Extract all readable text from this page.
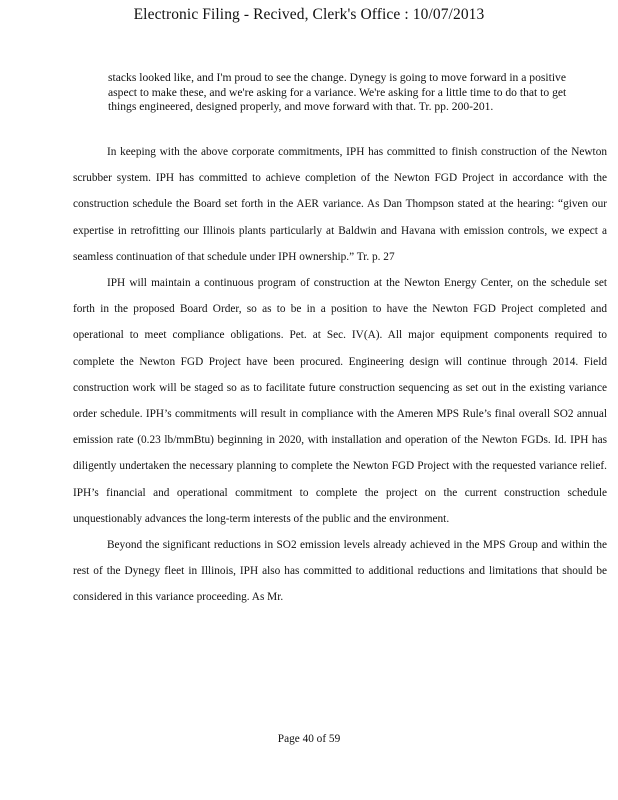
Electronic Filing - Recived, Clerk's Office : 10/07/2013

stacks looked like, and I'm proud to see the change. Dynegy is going to move forward in a positive aspect to make these, and we're asking for a variance. We're asking for a little time to do that to get things engineered, designed properly, and move forward with that. Tr. pp. 200-201.

In keeping with the above corporate commitments, IPH has committed to finish construction of the Newton scrubber system. IPH has committed to achieve completion of the Newton FGD Project in accordance with the construction schedule the Board set forth in the AER variance. As Dan Thompson stated at the hearing: “given our expertise in retrofitting our Illinois plants particularly at Baldwin and Havana with emission controls, we expect a seamless continuation of that schedule under IPH ownership.” Tr. p. 27

IPH will maintain a continuous program of construction at the Newton Energy Center, on the schedule set forth in the proposed Board Order, so as to be in a position to have the Newton FGD Project completed and operational to meet compliance obligations. Pet. at Sec. IV(A). All major equipment components required to complete the Newton FGD Project have been procured. Engineering design will continue through 2014. Field construction work will be staged so as to facilitate future construction sequencing as set out in the existing variance order schedule. IPH’s commitments will result in compliance with the Ameren MPS Rule’s final overall SO2 annual emission rate (0.23 lb/mmBtu) beginning in 2020, with installation and operation of the Newton FGDs. Id. IPH has diligently undertaken the necessary planning to complete the Newton FGD Project with the requested variance relief. IPH’s financial and operational commitment to complete the project on the current construction schedule unquestionably advances the long-term interests of the public and the environment.

Beyond the significant reductions in SO2 emission levels already achieved in the MPS Group and within the rest of the Dynegy fleet in Illinois, IPH also has committed to additional reductions and limitations that should be considered in this variance proceeding. As Mr.

Page 40 of 59
